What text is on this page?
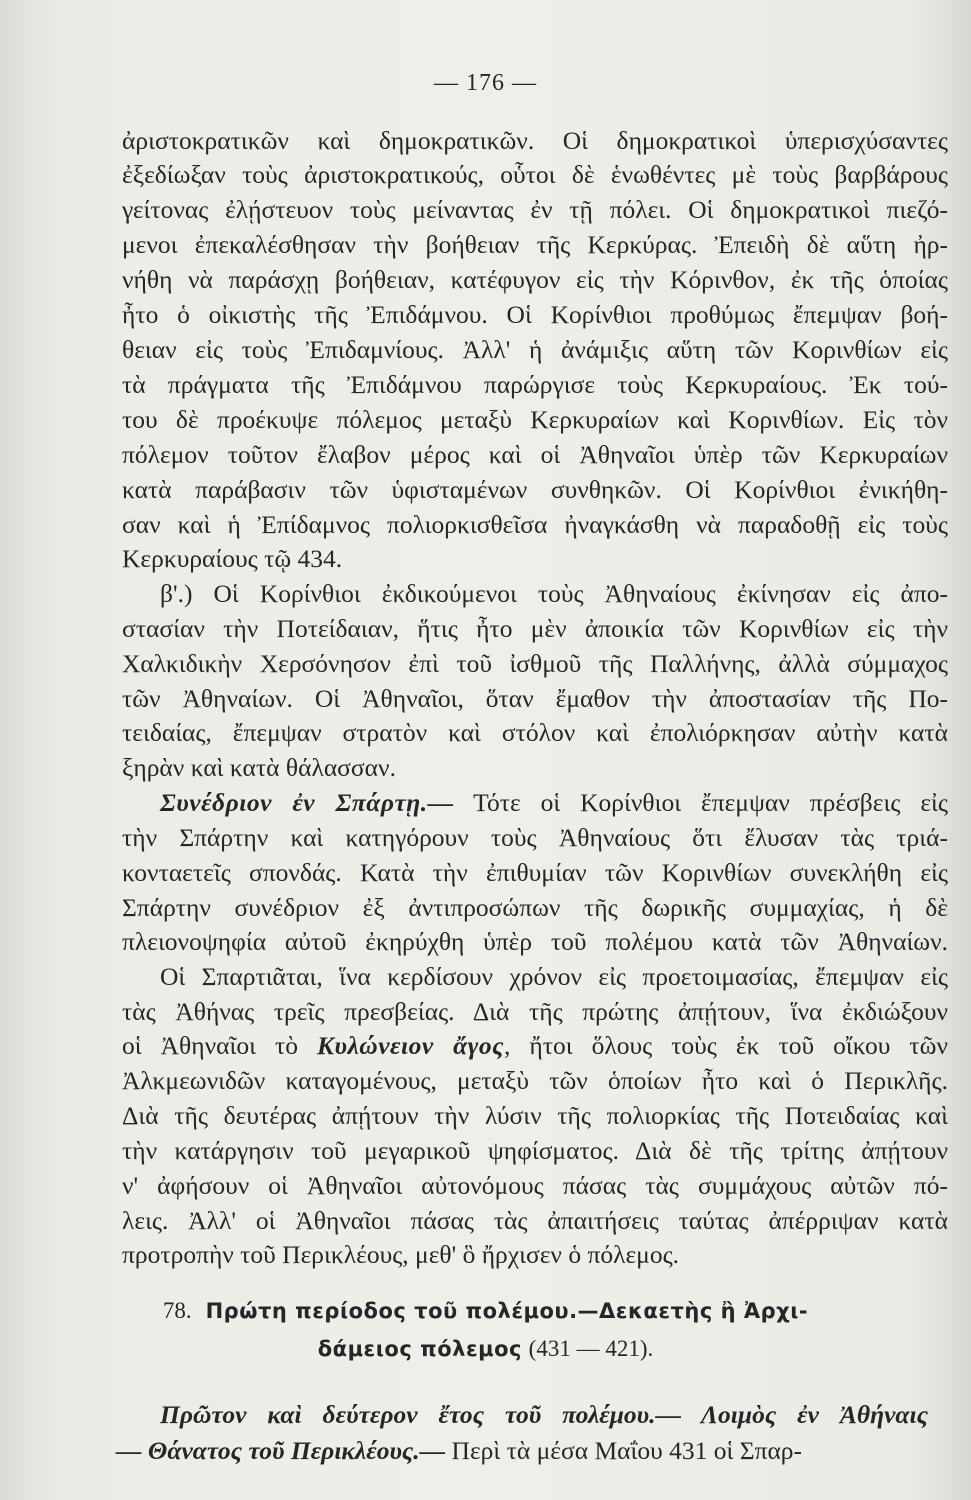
— 176 —
ἀριστοκρατικῶν καὶ δημοκρατικῶν. Οἱ δημοκρατικοὶ ὑπερισχύσαντες
ἐξεδίωξαν τοὺς ἀριστοκρατικούς, οὗτοι δὲ ἑνωθέντες μὲ τοὺς βαρβάρους
γείτονας ἐλῄστευον τοὺς μείναντας ἐν τῇ πόλει. Οἱ δημοκρατικοὶ πιεζό-
μενοι ἐπεκαλέσθησαν τὴν βοήθειαν τῆς Κερκύρας. Ἐπειδὴ δὲ αὕτη ἠρ-
νήθη νὰ παράσχῃ βοήθειαν, κατέφυγον εἰς τὴν Κόρινθον, ἐκ τῆς ὁποίας
ἦτο ὁ οἰκιστὴς τῆς Ἐπιδάμνου. Οἱ Κορίνθιοι προθύμως ἔπεμψαν βοή-
θειαν εἰς τοὺς Ἐπιδαμνίους. Ἀλλ' ἡ ἀνάμιξις αὕτη τῶν Κορινθίων εἰς
τὰ πράγματα τῆς Ἐπιδάμνου παρώργισε τοὺς Κερκυραίους. Ἐκ τού-
του δὲ προέκυψε πόλεμος μεταξὺ Κερκυραίων καὶ Κορινθίων. Εἰς τὸν
πόλεμον τοῦτον ἔλαβον μέρος καὶ οἱ Ἀθηναῖοι ὑπὲρ τῶν Κερκυραίων
κατὰ παράβασιν τῶν ὑφισταμένων συνθηκῶν. Οἱ Κορίνθιοι ἐνικήθη-
σαν καὶ ἡ Ἐπίδαμνος πολιορκισθεῖσα ἠναγκάσθη νὰ παραδοθῇ εἰς τοὺς
Κερκυραίους τῷ 434.
β'.) Οἱ Κορίνθιοι ἐκδικούμενοι τοὺς Ἀθηναίους ἐκίνησαν εἰς ἀπο-
στασίαν τὴν Ποτείδαιαν, ἥτις ἦτο μὲν ἀποικία τῶν Κορινθίων εἰς τὴν
Χαλκιδικὴν Χερσόνησον ἐπὶ τοῦ ἰσθμοῦ τῆς Παλλήνης, ἀλλὰ σύμμαχος
τῶν Ἀθηναίων. Οἱ Ἀθηναῖοι, ὅταν ἔμαθον τὴν ἀποστασίαν τῆς Πο-
τειδαίας, ἔπεμψαν στρατὸν καὶ στόλον καὶ ἐπολιόρκησαν αὐτὴν κατὰ
ξηρὰν καὶ κατὰ θάλασσαν.
Συνέδριον ἐν Σπάρτῃ.— Τότε οἱ Κορίνθιοι ἔπεμψαν πρέσβεις εἰς
τὴν Σπάρτην καὶ κατηγόρουν τοὺς Ἀθηναίους ὅτι ἔλυσαν τὰς τριά-
κονταετεῖς σπονδάς. Κατὰ τὴν ἐπιθυμίαν τῶν Κορινθίων συνεκλήθη εἰς
Σπάρτην συνέδριον ἐξ ἀντιπροσώπων τῆς δωρικῆς συμμαχίας, ἡ δὲ
πλειονοψηφία αὐτοῦ ἐκηρύχθη ὑπὲρ τοῦ πολέμου κατὰ τῶν Ἀθηναίων.
Οἱ Σπαρτιᾶται, ἵνα κερδίσουν χρόνον εἰς προετοιμασίας, ἔπεμψαν εἰς
τὰς Ἀθήνας τρεῖς πρεσβείας. Διὰ τῆς πρώτης ἀπῄτουν, ἵνα ἐκδιώξουν
οἱ Ἀθηναῖοι τὸ Κυλώνειον ἄγος, ἤτοι ὅλους τοὺς ἐκ τοῦ οἴκου τῶν
Ἀλκμεωνιδῶν καταγομένους, μεταξὺ τῶν ὁποίων ἦτο καὶ ὁ Περικλῆς.
Διὰ τῆς δευτέρας ἀπῄτουν τὴν λύσιν τῆς πολιορκίας τῆς Ποτειδαίας καὶ
τὴν κατάργησιν τοῦ μεγαρικοῦ ψηφίσματος. Διὰ δὲ τῆς τρίτης ἀπῄτουν
ν' ἀφήσουν οἱ Ἀθηναῖοι αὐτονόμους πάσας τὰς συμμάχους αὐτῶν πό-
λεις. Ἀλλ' οἱ Ἀθηναῖοι πάσας τὰς ἀπαιτήσεις ταύτας ἀπέρριψαν κατὰ
προτροπὴν τοῦ Περικλέους, μεθ' ὃ ἤρχισεν ὁ πόλεμος.
78. Πρώτη περίοδος τοῦ πολέμου.—Δεκαετὴς ἢ Ἀρχι-
δάμειος πόλεμος (431 — 421).
Πρῶτον καὶ δεύτερον ἔτος τοῦ πολέμου.— Λοιμὸς ἐν Ἀθήναις
— Θάνατος τοῦ Περικλέους.— Περὶ τὰ μέσα Μαΐου 431 οἱ Σπαρ-
